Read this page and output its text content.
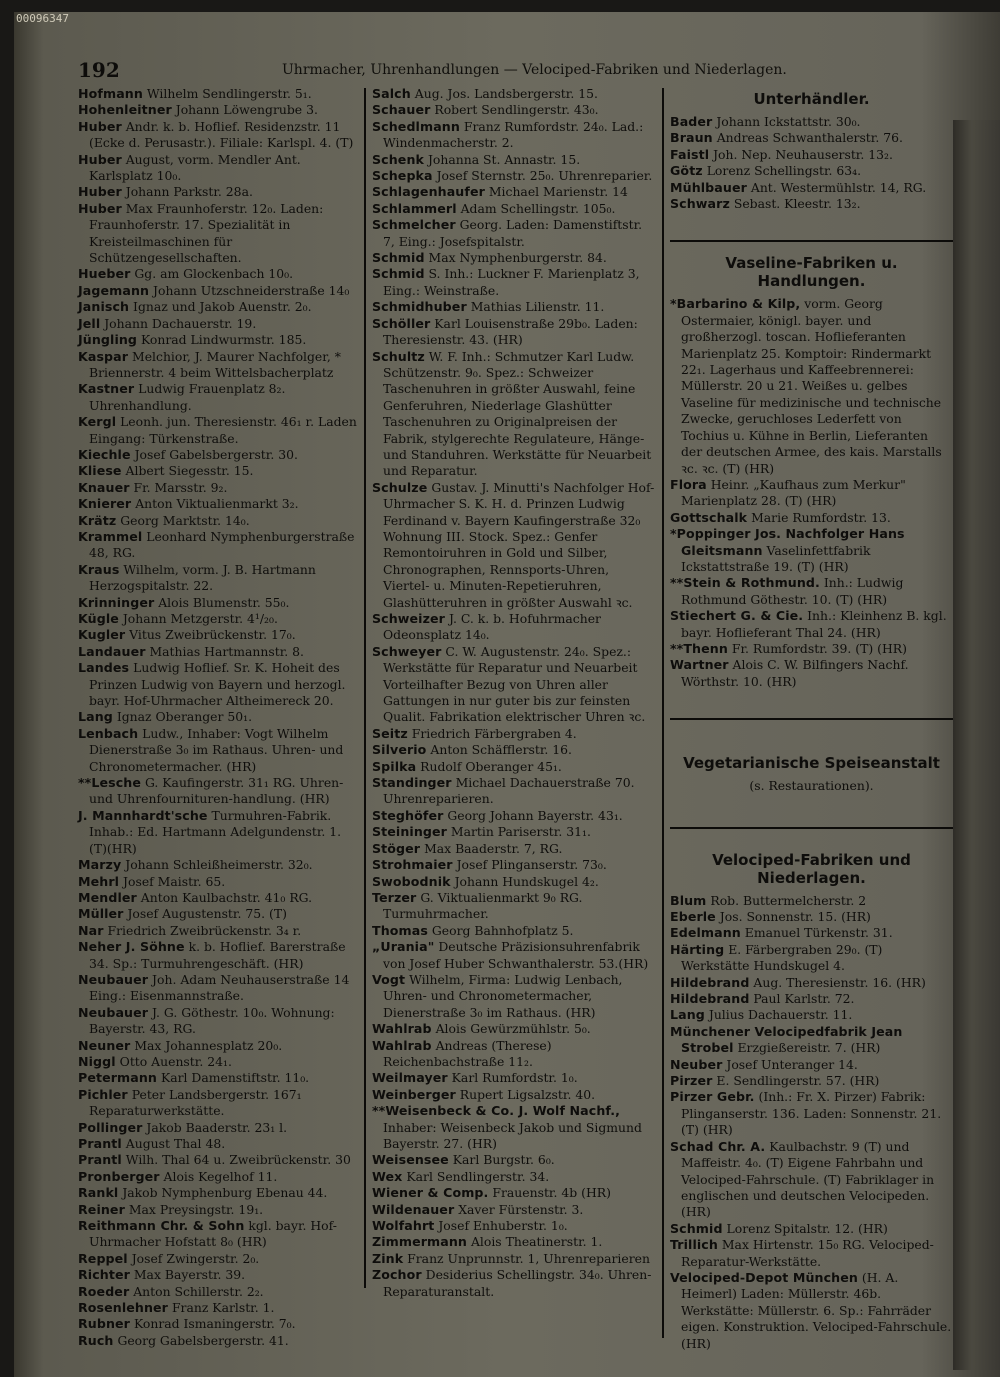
00096347
192	Uhrmacher, Uhrenhandlungen — Velociped-Fabriken und Niederlagen.

Hofmann Wilhelm Sendlingerstr. 5₁.

Hohenleitner Johann Löwengrube 3.

Huber Andr. k. b. Hoflief. Residenzstr. 11 (Ecke d. Perusastr.). Filiale: Karlspl. 4. (T)

Huber August, vorm. Mendler Ant. Karlsplatz 10₀.

Huber Johann Parkstr. 28a.

Huber Max Fraunhoferstr. 12₀. Laden: Fraunhoferstr. 17. Spezialität in Kreisteilmaschinen für Schützengesellschaften.

Hueber Gg. am Glockenbach 10₀.

Jagemann Johann Utzschneiderstraße 14₀

Janisch Ignaz und Jakob Auenstr. 2₀.

Jell Johann Dachauerstr. 19.

Jüngling Konrad Lindwurmstr. 185.

Kaspar Melchior, J. Maurer Nachfolger, * Briennerstr. 4 beim Wittelsbacherplatz

Kastner Ludwig Frauenplatz 8₂. Uhrenhandlung.

Kergl Leonh. jun. Theresienstr. 46₁ r. Laden Eingang: Türkenstraße.

Kiechle Josef Gabelsbergerstr. 30.

Kliese Albert Siegesstr. 15.

Knauer Fr. Marsstr. 9₂.

Knierer Anton Viktualienmarkt 3₂.

Krätz Georg Marktstr. 14₀.

Krammel Leonhard Nymphenburgerstraße 48, RG.

Kraus Wilhelm, vorm. J. B. Hartmann Herzogspitalstr. 22.

Krinninger Alois Blumenstr. 55₀.

Kügle Johann Metzgerstr. 4¹/₂₀.

Kugler Vitus Zweibrückenstr. 17₀.

Landauer Mathias Hartmannstr. 8.

Landes Ludwig Hoflief. Sr. K. Hoheit des Prinzen Ludwig von Bayern und herzogl. bayr. Hof-Uhrmacher Altheimereck 20.

Lang Ignaz Oberanger 50₁.

Lenbach Ludw., Inhaber: Vogt Wilhelm Dienerstraße 3₀ im Rathaus. Uhren- und Chronometermacher. (HR)

**Lesche G. Kaufingerstr. 31₁ RG. Uhren- und Uhrenfournituren-handlung. (HR)

J. Mannhardt'sche Turmuhren-Fabrik. Inhab.: Ed. Hartmann Adelgundenstr. 1. (T)(HR)

Marzy Johann Schleißheimerstr. 32₀.

Mehrl Josef Maistr. 65.

Mendler Anton Kaulbachstr. 41₀ RG.

Müller Josef Augustenstr. 75. (T)

Nar Friedrich Zweibrückenstr. 3₄ r.

Neher J. Söhne k. b. Hoflief. Barerstraße 34. Sp.: Turmuhrengeschäft. (HR)

Neubauer Joh. Adam Neuhauserstraße 14 Eing.: Eisenmannstraße.

Neubauer J. G. Göthestr. 10₀. Wohnung: Bayerstr. 43, RG.

Neuner Max Johannesplatz 20₀.

Niggl Otto Auenstr. 24₁.

Petermann Karl Damenstiftstr. 11₀.

Pichler Peter Landsbergerstr. 167₁ Reparaturwerkstätte.

Pollinger Jakob Baaderstr. 23₁ l.

Prantl August Thal 48.

Prantl Wilh. Thal 64 u. Zweibrückenstr. 30

Pronberger Alois Kegelhof 11.

Rankl Jakob Nymphenburg Ebenau 44.

Reiner Max Preysingstr. 19₁.

Reithmann Chr. & Sohn kgl. bayr. Hof-Uhrmacher Hofstatt 8₀ (HR)

Reppel Josef Zwingerstr. 2₀.

Richter Max Bayerstr. 39.

Roeder Anton Schillerstr. 2₂.

Rosenlehner Franz Karlstr. 1.

Rubner Konrad Ismaningerstr. 7₀.

Ruch Georg Gabelsbergerstr. 41.

Salch Aug. Jos. Landsbergerstr. 15.

Schauer Robert Sendlingerstr. 43₀.

Schedlmann Franz Rumfordstr. 24₀. Lad.: Windenmacherstr. 2.

Schenk Johanna St. Annastr. 15.

Schepka Josef Sternstr. 25₀. Uhrenreparier.

Schlagenhaufer Michael Marienstr. 14

Schlammerl Adam Schellingstr. 105₀.

Schmelcher Georg. Laden: Damenstiftstr. 7, Eing.: Josefspitalstr.

Schmid Max Nymphenburgerstr. 84.

Schmid S. Inh.: Luckner F. Marienplatz 3, Eing.: Weinstraße.

Schmidhuber Mathias Lilienstr. 11.

Schöller Karl Louisenstraße 29b₀. Laden: Theresienstr. 43. (HR)

Schultz W. F. Inh.: Schmutzer Karl Ludw. Schützenstr. 9₀. Spez.: Schweizer Taschenuhren in größter Auswahl, feine Genferuhren, Niederlage Glashütter Taschenuhren zu Originalpreisen der Fabrik, stylgerechte Regulateure, Hänge- und Standuhren. Werkstätte für Neuarbeit und Reparatur.

Schulze Gustav. J. Minutti's Nachfolger Hof-Uhrmacher S. K. H. d. Prinzen Ludwig Ferdinand v. Bayern Kaufingerstraße 32₀ Wohnung III. Stock. Spez.: Genfer Remontoiruhren in Gold und Silber, Chronographen, Rennsports-Uhren, Viertel- u. Minuten-Repetieruhren, Glashütteruhren in größter Auswahl ꝛc.

Schweizer J. C. k. b. Hofuhrmacher Odeonsplatz 14₀.

Schweyer C. W. Augustenstr. 24₀. Spez.: Werkstätte für Reparatur und Neuarbeit Vorteilhafter Bezug von Uhren aller Gattungen in nur guter bis zur feinsten Qualit. Fabrikation elektrischer Uhren ꝛc.

Seitz Friedrich Färbergraben 4.

Silverio Anton Schäfflerstr. 16.

Spilka Rudolf Oberanger 45₁.

Standinger Michael Dachauerstraße 70. Uhrenreparieren.

Steghöfer Georg Johann Bayerstr. 43₁.

Steininger Martin Pariserstr. 31₁.

Stöger Max Baaderstr. 7, RG.

Strohmaier Josef Plinganserstr. 73₀.

Swobodnik Johann Hundskugel 4₂.

Terzer G. Viktualienmarkt 9₀ RG. Turmuhrmacher.

Thomas Georg Bahnhofplatz 5.

„Urania" Deutsche Präzisionsuhrenfabrik von Josef Huber Schwanthalerstr. 53.(HR)

Vogt Wilhelm, Firma: Ludwig Lenbach, Uhren- und Chronometermacher, Dienerstraße 3₀ im Rathaus. (HR)

Wahlrab Alois Gewürzmühlstr. 5₀.

Wahlrab Andreas (Therese) Reichenbachstraße 11₂.

Weilmayer Karl Rumfordstr. 1₀.

Weinberger Rupert Ligsalzstr. 40.

**Weisenbeck & Co. J. Wolf Nachf., Inhaber: Weisenbeck Jakob und Sigmund Bayerstr. 27. (HR)

Weisensee Karl Burgstr. 6₀.

Wex Karl Sendlingerstr. 34.

Wiener & Comp. Frauenstr. 4b (HR)

Wildenauer Xaver Fürstenstr. 3.

Wolfahrt Josef Enhuberstr. 1₀.

Zimmermann Alois Theatinerstr. 1.

Zink Franz Unprunnstr. 1, Uhrenreparieren

Zochor Desiderius Schellingstr. 34₀. Uhren-Reparaturanstalt.

Unterhändler.

Bader Johann Ickstattstr. 30₀.

Braun Andreas Schwanthalerstr. 76.

Faistl Joh. Nep. Neuhauserstr. 13₂.

Götz Lorenz Schellingstr. 63₄.

Mühlbauer Ant. Westermühlstr. 14, RG.

Schwarz Sebast. Kleestr. 13₂.

Vaseline-Fabriken u. Handlungen.

*Barbarino & Kilp, vorm. Georg Ostermaier, königl. bayer. und großherzogl. toscan. Hoflieferanten Marienplatz 25. Komptoir: Rindermarkt 22₁. Lagerhaus und Kaffeebrennerei: Müllerstr. 20 u 21. Weißes u. gelbes Vaseline für medizinische und technische Zwecke, geruchloses Lederfett von Tochius u. Kühne in Berlin, Lieferanten der deutschen Armee, des kais. Marstalls ꝛc. ꝛc. (T) (HR)

Flora Heinr. „Kaufhaus zum Merkur" Marienplatz 28. (T) (HR)

Gottschalk Marie Rumfordstr. 13.

*Poppinger Jos. Nachfolger Hans Gleitsmann Vaselinfettfabrik Ickstattstraße 19. (T) (HR)

**Stein & Rothmund. Inh.: Ludwig Rothmund Göthestr. 10. (T) (HR)

Stiechert G. & Cie. Inh.: Kleinhenz B. kgl. bayr. Hoflieferant Thal 24. (HR)

**Thenn Fr. Rumfordstr. 39. (T) (HR)

Wartner Alois C. W. Bilfingers Nachf. Wörthstr. 10. (HR)

Vegetarianische Speiseanstalt
(s. Restaurationen).
Velociped-Fabriken und
Niederlagen.

Blum Rob. Buttermelcherstr. 2

Eberle Jos. Sonnenstr. 15. (HR)

Edelmann Emanuel Türkenstr. 31.

Härting E. Färbergraben 29₀. (T) Werkstätte Hundskugel 4.

Hildebrand Aug. Theresienstr. 16. (HR)

Hildebrand Paul Karlstr. 72.

Lang Julius Dachauerstr. 11.

Münchener Velocipedfabrik Jean Strobel Erzgießereistr. 7. (HR)

Neuber Josef Unteranger 14.

Pirzer E. Sendlingerstr. 57. (HR)

Pirzer Gebr. (Inh.: Fr. X. Pirzer) Fabrik: Plinganserstr. 136. Laden: Sonnenstr. 21. (T) (HR)

Schad Chr. A. Kaulbachstr. 9 (T) und Maffeistr. 4₀. (T) Eigene Fahrbahn und Velociped-Fahrschule. (T) Fabriklager in englischen und deutschen Velocipeden. (HR)

Schmid Lorenz Spitalstr. 12. (HR)

Trillich Max Hirtenstr. 15₀ RG. Velociped-Reparatur-Werkstätte.

Velociped-Depot München (H. A. Heimerl) Laden: Müllerstr. 46b. Werkstätte: Müllerstr. 6. Sp.: Fahrräder eigen. Konstruktion. Velociped-Fahrschule. (HR)
